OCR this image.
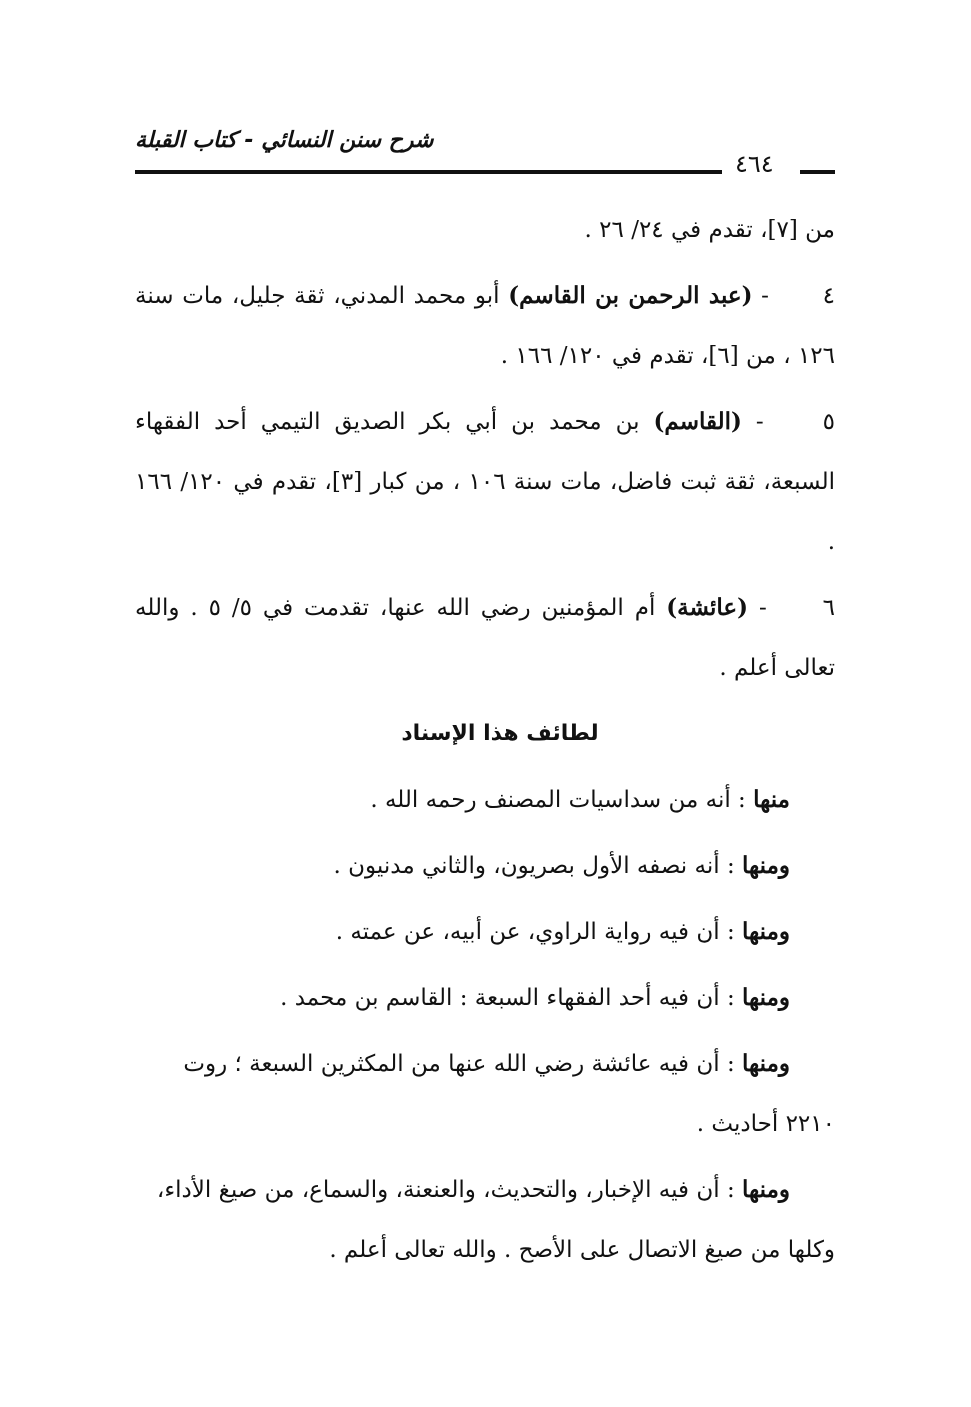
شرح سنن النسائي - كتاب القبلة
٤٦٤

من [٧]، تقدم في ٢٤/ ٢٦ .

٤ - (عبد الرحمن بن القاسم) أبو محمد المدني، ثقة جليل، مات سنة ١٢٦ ، من [٦]، تقدم في ١٢٠/ ١٦٦ .

٥ - (القاسم) بن محمد بن أبي بكر الصديق التيمي أحد الفقهاء السبعة، ثقة ثبت فاضل، مات سنة ١٠٦ ، من كبار [٣]، تقدم في ١٢٠/ ١٦٦ .

٦ - (عائشة) أم المؤمنين رضي الله عنها، تقدمت في ٥/ ٥ . والله تعالى أعلم .

لطائف هذا الإسناد

منها : أنه من سداسيات المصنف رحمه الله .

ومنها : أنه نصفه الأول بصريون، والثاني مدنيون .

ومنها : أن فيه رواية الراوي، عن أبيه، عن عمته .

ومنها : أن فيه أحد الفقهاء السبعة : القاسم بن محمد .

ومنها : أن فيه عائشة رضي الله عنها من المكثرين السبعة ؛ روت ٢٢١٠ أحاديث .

ومنها : أن فيه الإخبار، والتحديث، والعنعنة، والسماع، من صيغ الأداء، وكلها من صيغ الاتصال على الأصح . والله تعالى أعلم .
